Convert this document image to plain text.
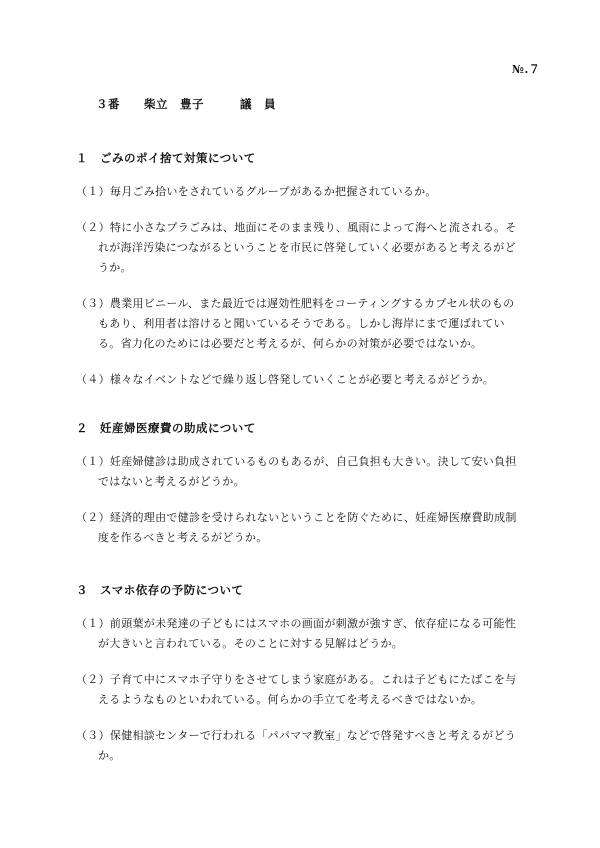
№.７
３番　　柴立　豊子　　　議　員
１　ごみのポイ捨て対策について
（１）毎月ごみ拾いをされているグループがあるか把握されているか。
（２）特に小さなプラごみは、地面にそのまま残り、風雨によって海へと流される。そ
れが海洋汚染につながるということを市民に啓発していく必要があると考えるがど
うか。
（３）農業用ビニール、また最近では遅効性肥料をコーティングするカプセル状のもの
もあり、利用者は溶けると聞いているそうである。しかし海岸にまで運ばれてい
る。省力化のためには必要だと考えるが、何らかの対策が必要ではないか。
（４）様々なイベントなどで繰り返し啓発していくことが必要と考えるがどうか。
２　妊産婦医療費の助成について
（１）妊産婦健診は助成されているものもあるが、自己負担も大きい。決して安い負担
ではないと考えるがどうか。
（２）経済的理由で健診を受けられないということを防ぐために、妊産婦医療費助成制
度を作るべきと考えるがどうか。
３　スマホ依存の予防について
（１）前頭葉が未発達の子どもにはスマホの画面が刺激が強すぎ、依存症になる可能性
が大きいと言われている。そのことに対する見解はどうか。
（２）子育て中にスマホ子守りをさせてしまう家庭がある。これは子どもにたばこを与
えるようなものといわれている。何らかの手立てを考えるべきではないか。
（３）保健相談センターで行われる「パパママ教室」などで啓発すべきと考えるがどう
か。
